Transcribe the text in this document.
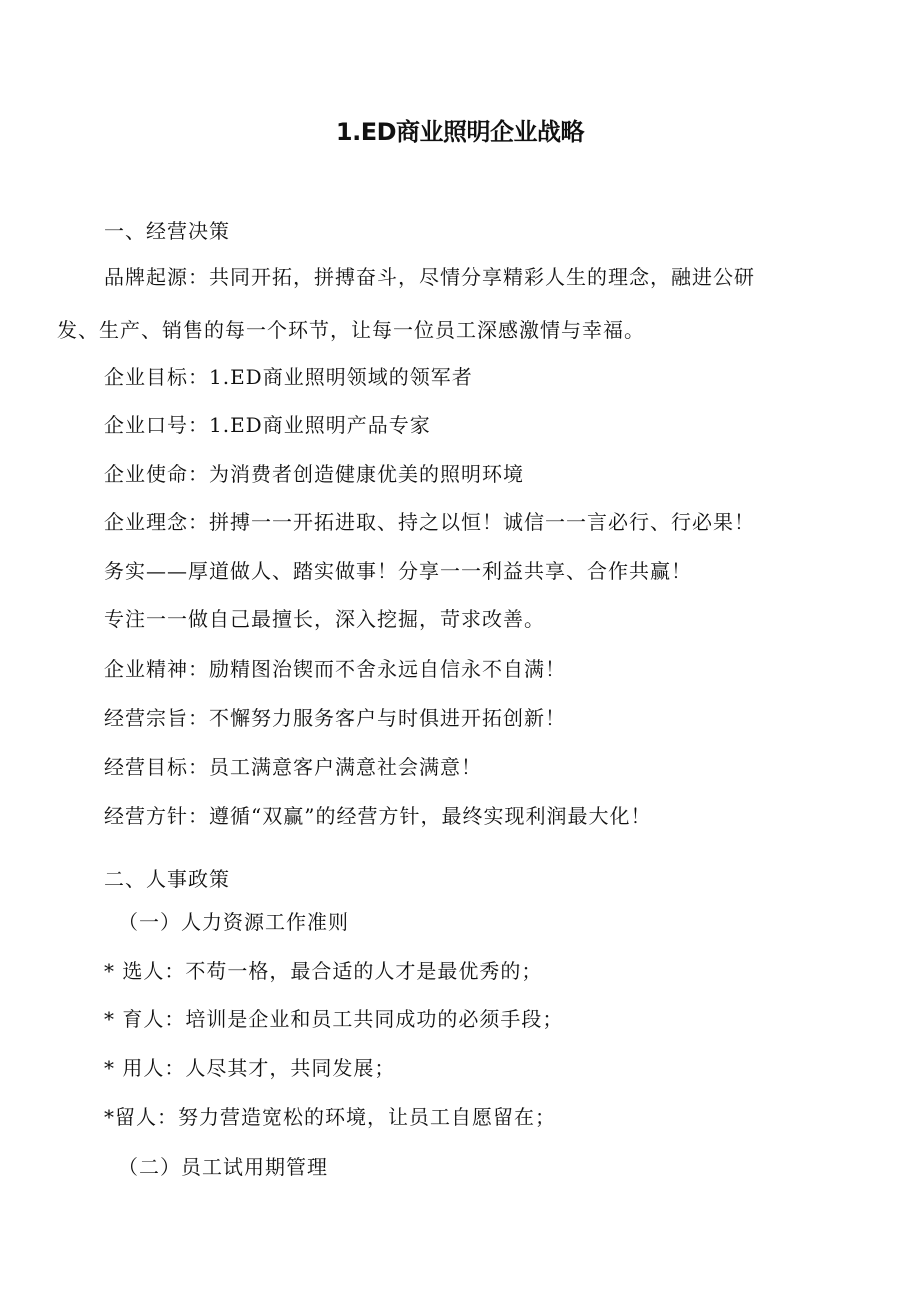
1.ED商业照明企业战略
一、经营决策
品牌起源：共同开拓，拼搏奋斗，尽情分享精彩人生的理念，融进公研
发、生产、销售的每一个环节，让每一位员工深感激情与幸福。
企业目标：1.ED商业照明领域的领军者
企业口号：1.ED商业照明产品专家
企业使命：为消费者创造健康优美的照明环境
企业理念：拼搏一一开拓进取、持之以恒！诚信一一言必行、行必果！
务实——厚道做人、踏实做事！分享一一利益共享、合作共赢！
专注一一做自己最擅长，深入挖掘，苛求改善。
企业精神：励精图治锲而不舍永远自信永不自满！
经营宗旨：不懈努力服务客户与时俱进开拓创新！
经营目标：员工满意客户满意社会满意！
经营方针：遵循“双赢”的经营方针，最终实现利润最大化！
二、人事政策
（一）人力资源工作准则
* 选人：不苟一格，最合适的人才是最优秀的；
* 育人：培训是企业和员工共同成功的必须手段；
* 用人：人尽其才，共同发展；
*留人：努力营造宽松的环境，让员工自愿留在；
（二）员工试用期管理
